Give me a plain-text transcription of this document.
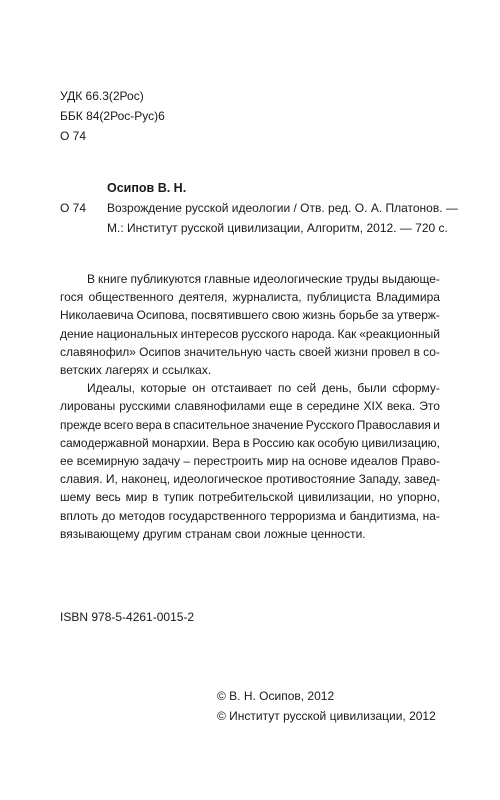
УДК 66.3(2Рос)
ББК 84(2Рос-Рус)6
О 74
Осипов В. Н.
О 74 Возрождение русской идеологии / Отв. ред. О. А. Платонов. —
М.: Институт русской цивилизации, Алгоритм, 2012. — 720 с.
В книге публикуются главные идеологические труды выдающе-
гося общественного деятеля, журналиста, публициста Владимира
Николаевича Осипова, посвятившего свою жизнь борьбе за утверж-
дение национальных интересов русского народа. Как «реакционный
славянофил» Осипов значительную часть своей жизни провел в со-
ветских лагерях и ссылках.
Идеалы, которые он отстаивает по сей день, были сформу-
лированы русскими славянофилами еще в середине XIX века. Это
прежде всего вера в спасительное значение Русского Православия и
самодержавной монархии. Вера в Россию как особую цивилизацию,
ее всемирную задачу – перестроить мир на основе идеалов Право-
славия. И, наконец, идеологическое противостояние Западу, завед-
шему весь мир в тупик потребительской цивилизации, но упорно,
вплоть до методов государственного терроризма и бандитизма, на-
вязывающему другим странам свои ложные ценности.
ISBN 978-5-4261-0015-2
© В. Н. Осипов, 2012
© Институт русской цивилизации, 2012
